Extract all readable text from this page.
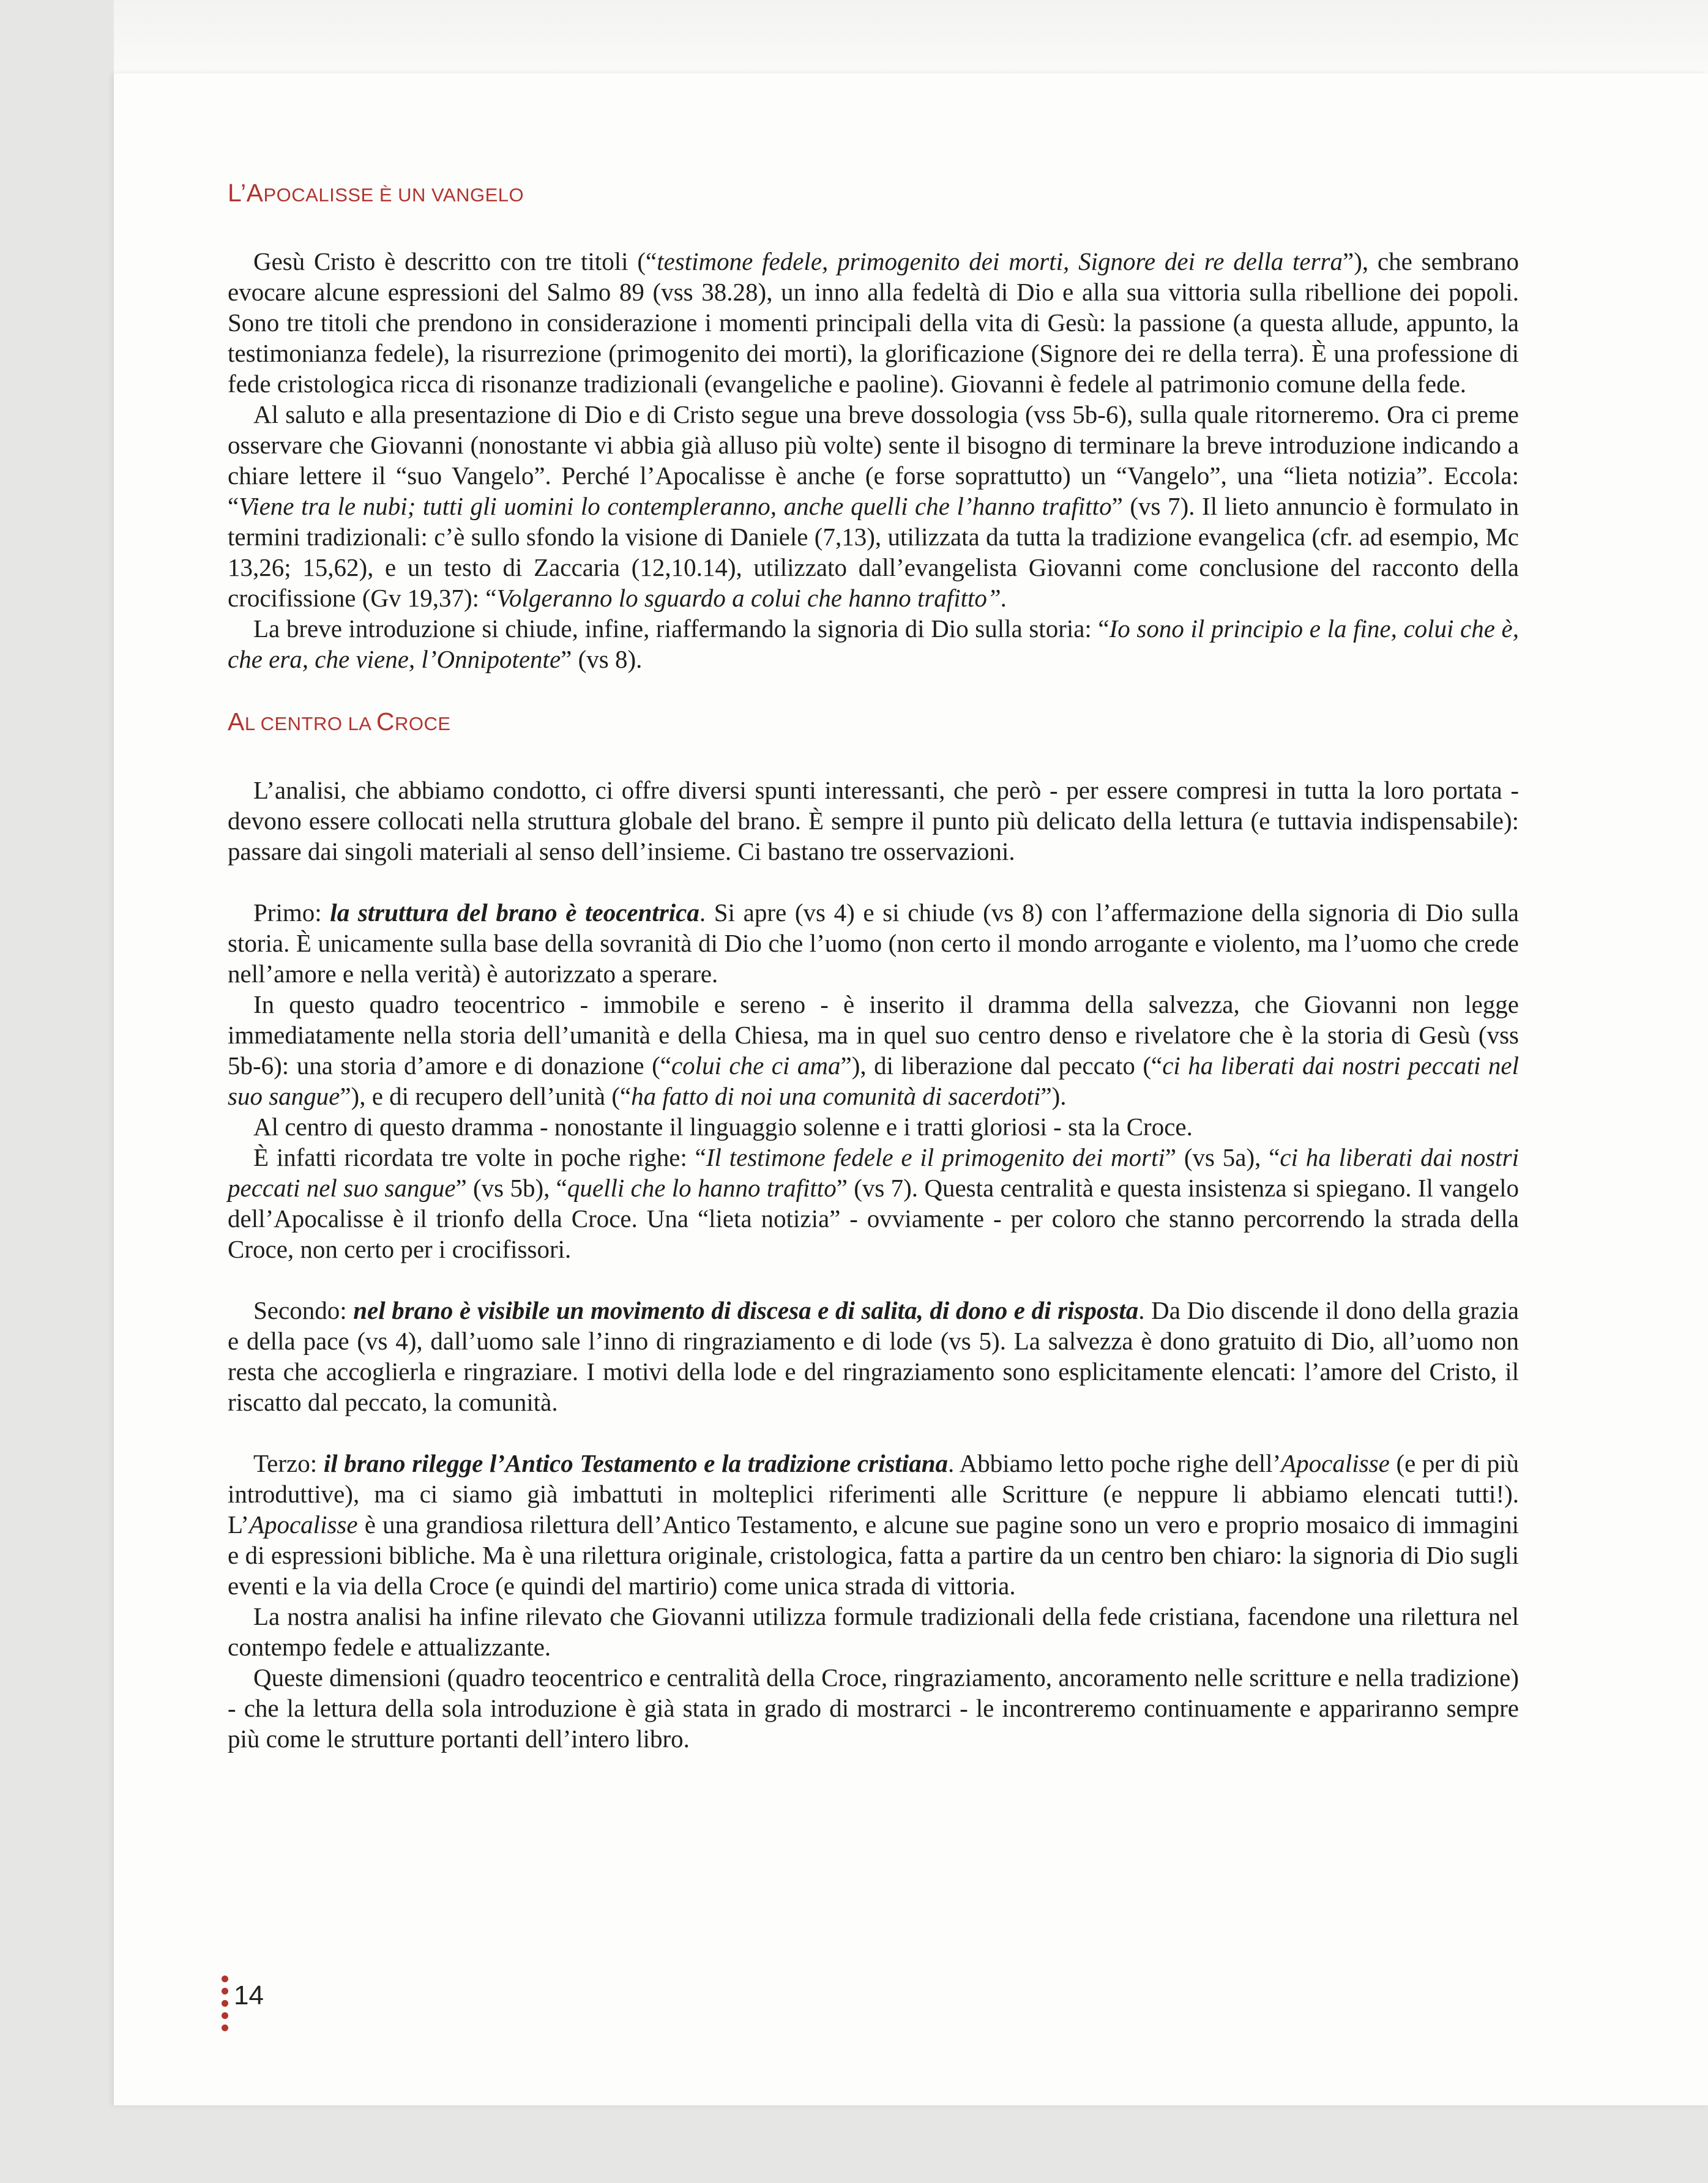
L’APOCALISSE È UN VANGELO

Gesù Cristo è descritto con tre titoli (“testimone fedele, primogenito dei morti, Signore dei re della terra”), che sembrano evocare alcune espressioni del Salmo 89 (vss 38.28), un inno alla fedeltà di Dio e alla sua vittoria sulla ribellione dei popoli. Sono tre titoli che prendono in considerazione i momenti principali della vita di Gesù: la passione (a questa allude, appunto, la testimonianza fedele), la risurrezione (primogenito dei morti), la glorificazione (Signore dei re della terra). È una professione di fede cristologica ricca di risonanze tradizionali (evangeliche e paoline). Giovanni è fedele al patrimonio comune della fede.

Al saluto e alla presentazione di Dio e di Cristo segue una breve dossologia (vss 5b-6), sulla quale ritorneremo. Ora ci preme osservare che Giovanni (nonostante vi abbia già alluso più volte) sente il bisogno di terminare la breve introduzione indicando a chiare lettere il “suo Vangelo”. Perché l’Apocalisse è anche (e forse soprattutto) un “Vangelo”, una “lieta notizia”. Eccola: “Viene tra le nubi; tutti gli uomini lo contempleranno, anche quelli che l’hanno trafitto” (vs 7). Il lieto annuncio è formulato in termini tradizionali: c’è sullo sfondo la visione di Daniele (7,13), utilizzata da tutta la tradizione evangelica (cfr. ad esempio, Mc 13,26; 15,62), e un testo di Zaccaria (12,10.14), utilizzato dall’evangelista Giovanni come conclusione del racconto della crocifissione (Gv 19,37): “Volgeranno lo sguardo a colui che hanno trafitto”.

La breve introduzione si chiude, infine, riaffermando la signoria di Dio sulla storia: “Io sono il principio e la fine, colui che è, che era, che viene, l’Onnipotente” (vs 8).

AL CENTRO LA CROCE

L’analisi, che abbiamo condotto, ci offre diversi spunti interessanti, che però - per essere compresi in tutta la loro portata - devono essere collocati nella struttura globale del brano. È sempre il punto più delicato della lettura (e tuttavia indispensabile): passare dai singoli materiali al senso dell’insieme. Ci bastano tre osservazioni.

Primo: la struttura del brano è teocentrica. Si apre (vs 4) e si chiude (vs 8) con l’affermazione della signoria di Dio sulla storia. È unicamente sulla base della sovranità di Dio che l’uomo (non certo il mondo arrogante e violento, ma l’uomo che crede nell’amore e nella verità) è autorizzato a sperare.

In questo quadro teocentrico - immobile e sereno - è inserito il dramma della salvezza, che Giovanni non legge immediatamente nella storia dell’umanità e della Chiesa, ma in quel suo centro denso e rivelatore che è la storia di Gesù (vss 5b-6): una storia d’amore e di donazione (“colui che ci ama”), di liberazione dal peccato (“ci ha liberati dai nostri peccati nel suo sangue”), e di recupero dell’unità (“ha fatto di noi una comunità di sacerdoti”).

Al centro di questo dramma - nonostante il linguaggio solenne e i tratti gloriosi - sta la Croce.

È infatti ricordata tre volte in poche righe: “Il testimone fedele e il primogenito dei morti” (vs 5a), “ci ha liberati dai nostri peccati nel suo sangue” (vs 5b), “quelli che lo hanno trafitto” (vs 7). Questa centralità e questa insistenza si spiegano. Il vangelo dell’Apocalisse è il trionfo della Croce. Una “lieta notizia” - ovviamente - per coloro che stanno percorrendo la strada della Croce, non certo per i crocifissori.

Secondo: nel brano è visibile un movimento di discesa e di salita, di dono e di risposta. Da Dio discende il dono della grazia e della pace (vs 4), dall’uomo sale l’inno di ringraziamento e di lode (vs 5). La salvezza è dono gratuito di Dio, all’uomo non resta che accoglierla e ringraziare. I motivi della lode e del ringraziamento sono esplicitamente elencati: l’amore del Cristo, il riscatto dal peccato, la comunità.

Terzo: il brano rilegge l’Antico Testamento e la tradizione cristiana. Abbiamo letto poche righe dell’Apocalisse (e per di più introduttive), ma ci siamo già imbattuti in molteplici riferimenti alle Scritture (e neppure li abbiamo elencati tutti!). L’Apocalisse è una grandiosa rilettura dell’Antico Testamento, e alcune sue pagine sono un vero e proprio mosaico di immagini e di espressioni bibliche. Ma è una rilettura originale, cristologica, fatta a partire da un centro ben chiaro: la signoria di Dio sugli eventi e la via della Croce (e quindi del martirio) come unica strada di vittoria.

La nostra analisi ha infine rilevato che Giovanni utilizza formule tradizionali della fede cristiana, facendone una rilettura nel contempo fedele e attualizzante.

Queste dimensioni (quadro teocentrico e centralità della Croce, ringraziamento, ancoramento nelle scritture e nella tradizione) - che la lettura della sola introduzione è già stata in grado di mostrarci - le incontreremo continuamente e appariranno sempre più come le strutture portanti dell’intero libro.

14
